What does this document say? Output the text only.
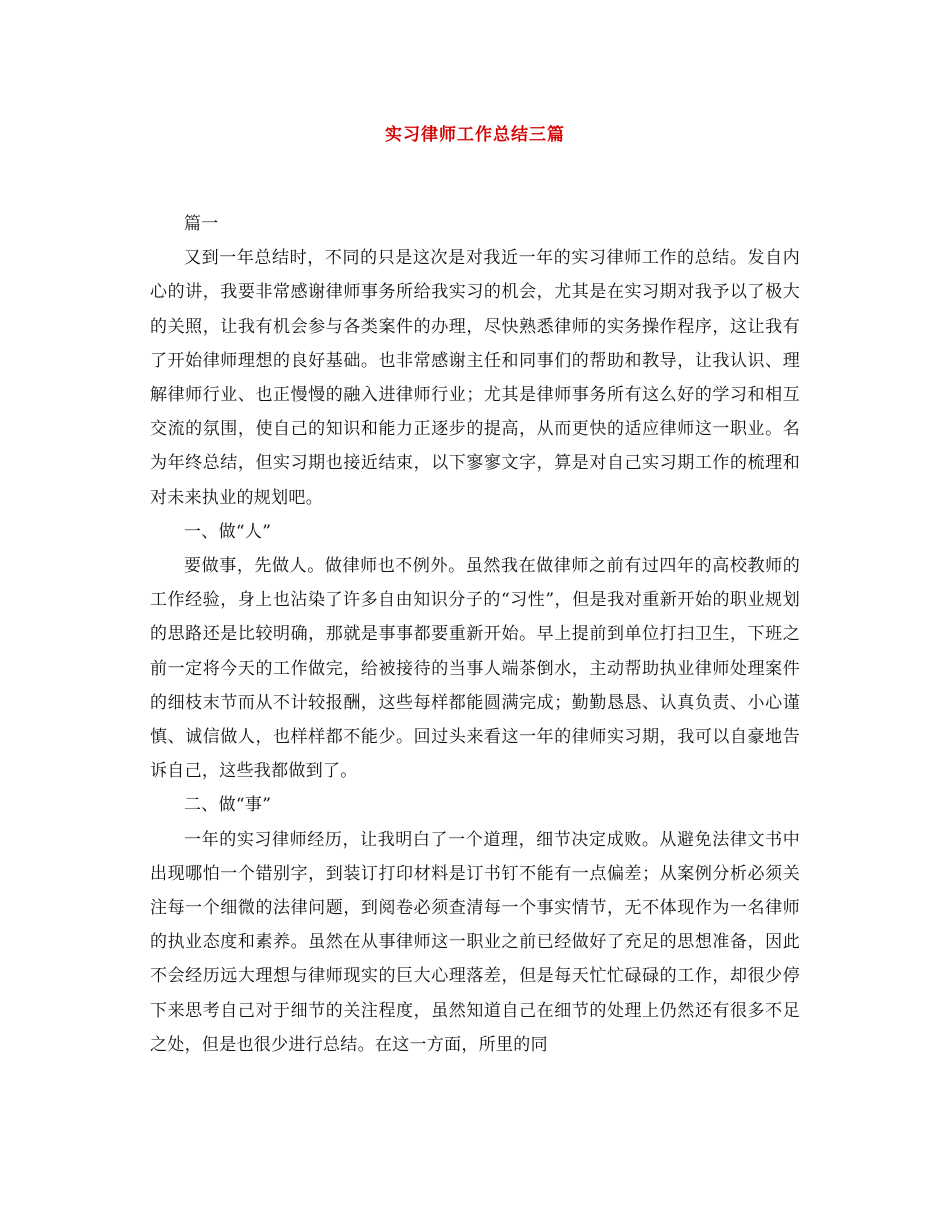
实习律师工作总结三篇

篇一

又到一年总结时，不同的只是这次是对我近一年的实习律师工作的总结。发自内心的讲，我要非常感谢律师事务所给我实习的机会，尤其是在实习期对我予以了极大的关照，让我有机会参与各类案件的办理，尽快熟悉律师的实务操作程序，这让我有了开始律师理想的良好基础。也非常感谢主任和同事们的帮助和教导，让我认识、理解律师行业、也正慢慢的融入进律师行业；尤其是律师事务所有这么好的学习和相互交流的氛围，使自己的知识和能力正逐步的提高，从而更快的适应律师这一职业。名为年终总结，但实习期也接近结束，以下寥寥文字，算是对自己实习期工作的梳理和对未来执业的规划吧。

一、做“人”

要做事，先做人。做律师也不例外。虽然我在做律师之前有过四年的高校教师的工作经验，身上也沾染了许多自由知识分子的“习性”，但是我对重新开始的职业规划的思路还是比较明确，那就是事事都要重新开始。早上提前到单位打扫卫生，下班之前一定将今天的工作做完，给被接待的当事人端茶倒水，主动帮助执业律师处理案件的细枝末节而从不计较报酬，这些每样都能圆满完成；勤勤恳恳、认真负责、小心谨慎、诚信做人，也样样都不能少。回过头来看这一年的律师实习期，我可以自豪地告诉自己，这些我都做到了。

二、做“事”

一年的实习律师经历，让我明白了一个道理，细节决定成败。从避免法律文书中出现哪怕一个错别字，到装订打印材料是订书钉不能有一点偏差；从案例分析必须关注每一个细微的法律问题，到阅卷必须查清每一个事实情节，无不体现作为一名律师的执业态度和素养。虽然在从事律师这一职业之前已经做好了充足的思想准备，因此不会经历远大理想与律师现实的巨大心理落差，但是每天忙忙碌碌的工作，却很少停下来思考自己对于细节的关注程度，虽然知道自己在细节的处理上仍然还有很多不足之处，但是也很少进行总结。在这一方面，所里的同
